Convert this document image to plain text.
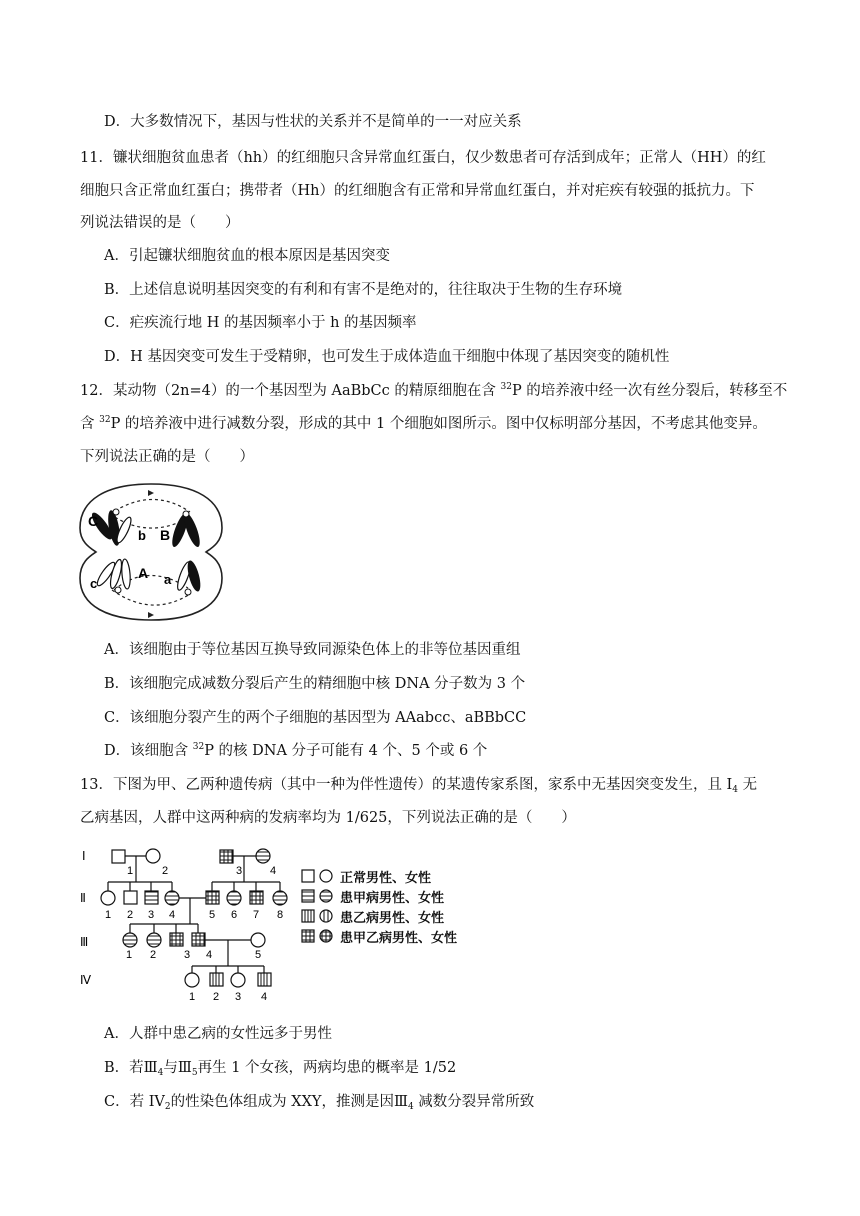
D．大多数情况下，基因与性状的关系并不是简单的一一对应关系
11．镰状细胞贫血患者（hh）的红细胞只含异常血红蛋白，仅少数患者可存活到成年；正常人（HH）的红
细胞只含正常血红蛋白；携带者（Hh）的红细胞含有正常和异常血红蛋白，并对疟疾有较强的抵抗力。下
列说法错误的是（　　）
A．引起镰状细胞贫血的根本原因是基因突变
B．上述信息说明基因突变的有利和有害不是绝对的，往往取决于生物的生存环境
C．疟疾流行地 H 的基因频率小于 h 的基因频率
D．H 基因突变可发生于受精卵，也可发生于成体造血干细胞中体现了基因突变的随机性
12．某动物（2n=4）的一个基因型为 AaBbCc 的精原细胞在含 $^{32}$P 的培养液中经一次有丝分裂后，转移至不
含 $^{32}$P 的培养液中进行减数分裂，形成的其中 1 个细胞如图所示。图中仅标明部分基因，不考虑其他变异。
下列说法正确的是（　　）
C
b B
c
A a
A．该细胞由于等位基因互换导致同源染色体上的非等位基因重组
B．该细胞完成减数分裂后产生的精细胞中核 DNA 分子数为 3 个
C．该细胞分裂产生的两个子细胞的基因型为 AAabcc、aBBbCC
D．该细胞含 $^{32}$P 的核 DNA 分子可能有 4 个、5 个或 6 个
13．下图为甲、乙两种遗传病（其中一种为伴性遗传）的某遗传家系图，家系中无基因突变发生，且 $I_4$ 无
乙病基因，人群中这两种病的发病率均为 1/625，下列说法正确的是（　　）
Ⅰ
Ⅱ
Ⅲ
Ⅳ
1	2	3	4
1 2 3 4	5 6 7 8
1 2	3 4	5
1 2 3 4
正常男性、女性
患甲病男性、女性
患乙病男性、女性
患甲乙病男性、女性
A．人群中患乙病的女性远多于男性
B．若$Ⅲ_4$与$Ⅲ_5$再生 1 个女孩，两病均患的概率是 1/52
C．若 $IV_2$的性染色体组成为 XXY，推测是因$Ⅲ_4$ 减数分裂异常所致
